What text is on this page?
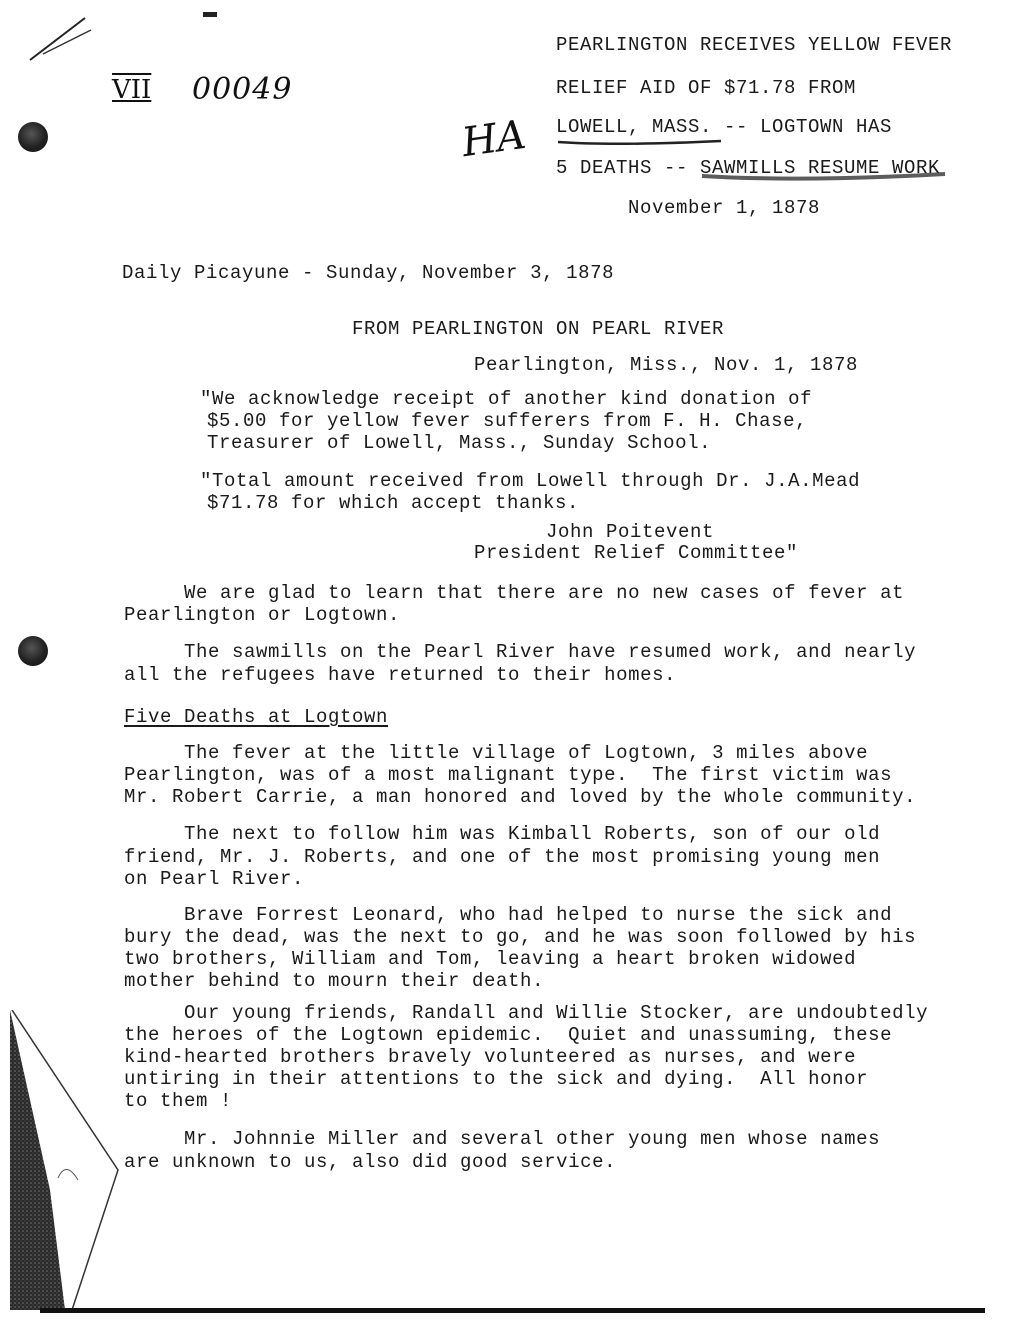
VII 00049
HA

PEARLINGTON RECEIVES YELLOW FEVER

RELIEF AID OF $71.78 FROM

LOWELL, MASS. -- LOGTOWN HAS

5 DEATHS -- SAWMILLS RESUME WORK

November 1, 1878

Daily Picayune - Sunday, November 3, 1878

FROM PEARLINGTON ON PEARL RIVER

Pearlington, Miss., Nov. 1, 1878

"We acknowledge receipt of another kind donation of

$5.00 for yellow fever sufferers from F. H. Chase,

Treasurer of Lowell, Mass., Sunday School.

"Total amount received from Lowell through Dr. J.A.Mead

$71.78 for which accept thanks.

John Poitevent

President Relief Committee"

We are glad to learn that there are no new cases of fever at

Pearlington or Logtown.

The sawmills on the Pearl River have resumed work, and nearly

all the refugees have returned to their homes.

Five Deaths at Logtown

The fever at the little village of Logtown, 3 miles above

Pearlington, was of a most malignant type.  The first victim was

Mr. Robert Carrie, a man honored and loved by the whole community.

The next to follow him was Kimball Roberts, son of our old

friend, Mr. J. Roberts, and one of the most promising young men

on Pearl River.

Brave Forrest Leonard, who had helped to nurse the sick and

bury the dead, was the next to go, and he was soon followed by his

two brothers, William and Tom, leaving a heart broken widowed

mother behind to mourn their death.

Our young friends, Randall and Willie Stocker, are undoubtedly

the heroes of the Logtown epidemic.  Quiet and unassuming, these

kind-hearted brothers bravely volunteered as nurses, and were

untiring in their attentions to the sick and dying.  All honor

to them !

Mr. Johnnie Miller and several other young men whose names

are unknown to us, also did good service.
